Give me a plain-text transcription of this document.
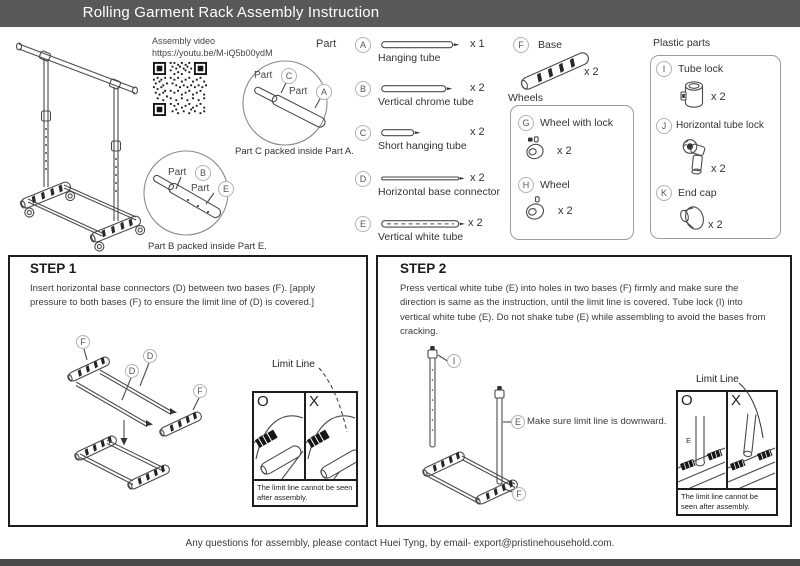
Rolling Garment Rack Assembly Instruction
Assembly video
https://youtu.be/M-iQ5b00ydM
Part	C
Part	A
Part C packed inside Part A.
Part	B
Part	E
Part B packed inside Part E.
Part	A	x 1
Hanging tube
B	x 2
Vertical chrome tube
C	x 2
Short hanging tube
D	x 2
Horizontal base connector
E	x 2
Vertical white tube
F	Base
x 2
Wheels
G	Wheel with lock
x 2
H	Wheel
x 2
Plastic parts
I	Tube lock
x 2
J Horizontal tube lock
x 2
K	End cap
x 2
STEP 1
Insert horizontal base connectors (D) between two bases (F). [apply pressure to both bases (F) to ensure the limit line of (D) is covered.]
F
D
D
F
Limit Line
O	X
The limit line cannot be seen after assembly.
STEP 2
Press vertical white tube (E) into holes in two bases (F) firmly and make sure the direction is same as the instruction, until the limit line is covered. Tube lock (I) into vertical white tube (E). Do not shake tube (E) while assembling to avoid the bases from cracking.
I
E
F
Make sure limit line is downward.
Limit Line
O
E
X
The limit line cannot be seen after assembly.
Any questions for assembly, please contact Huei Tyng, by email- export@pristinehousehold.com.
